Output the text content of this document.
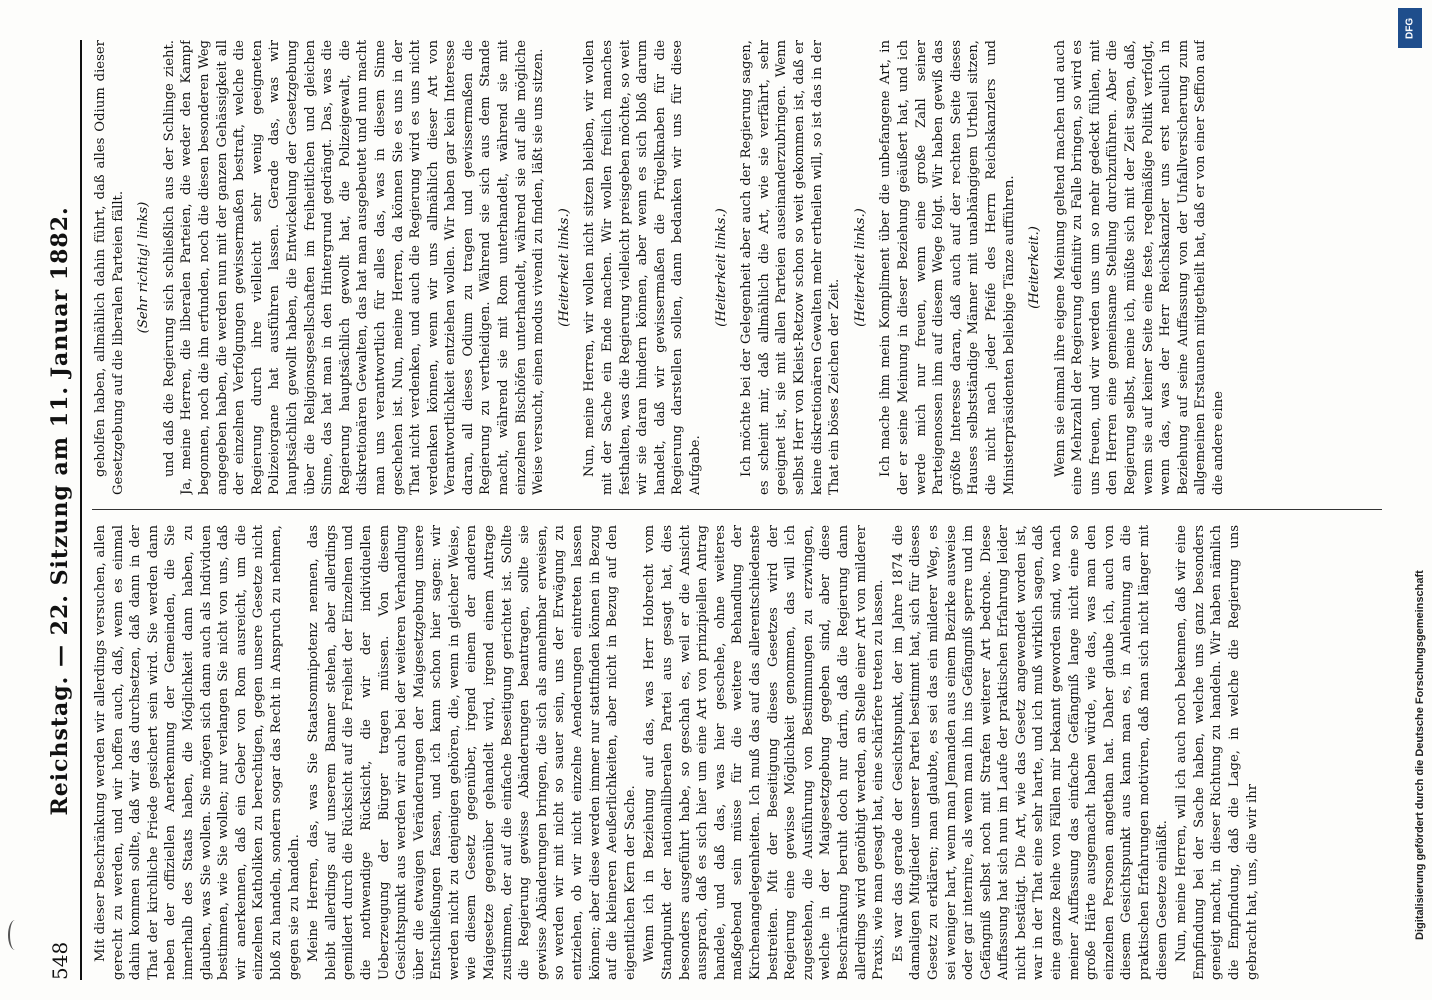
548
Reichstag. — 22. Sitzung am 11. Januar 1882. Mit dieser Beschränkung werden wir allerdings versuchen, allen gerecht zu werden, und wir hoffen auch, daß, wenn es einmal dahin kommen sollte, daß wir das durchsetzen, daß dann in der That der kirchliche Friede gesichert sein wird. Sie werden dann neben der offiziellen Anerkennung der Gemeinden, die Sie innerhalb des Staats haben, die Möglichkeit dann haben, zu glauben, was Sie wollen. Sie mögen sich dann auch als Individuen bestimmen, wie Sie wollen; nur verlangen Sie nicht von uns, daß wir anerkennen, daß ein Geber von Rom ausreicht, um die einzelnen Katholiken zu berechtigen, gegen unsere Gesetze nicht bloß zu handeln, sondern sogar das Recht in Anspruch zu nehmen, gegen sie zu handeln. Meine Herren, das, was Sie Staatsomnipotenz nennen, das bleibt allerdings auf unserem Banner stehen, aber allerdings gemildert durch die Rücksicht auf die Freiheit der Einzelnen und die nothwendige Rücksicht, die wir der individuellen Ueberzeugung der Bürger tragen müssen. Von diesem Gesichtspunkt aus werden wir auch bei der weiteren Verhandlung über die etwaigen Veränderungen der Maigesetzgebung unsere Entschließungen fassen, und ich kann schon hier sagen: wir werden nicht zu denjenigen gehören, die, wenn in gleicher Weise, wie diesem Gesetz gegenüber, irgend einem der anderen Maigesetze gegenüber gehandelt wird, irgend einem Antrage zustimmen, der auf die einfache Beseitigung gerichtet ist. Sollte die Regierung gewisse Abänderungen beantragen, sollte sie gewisse Abänderungen bringen, die sich als annehmbar erweisen, so werden wir mit nicht so sauer sein, uns der Erwägung zu entziehen, ob wir nicht einzelne Aenderungen eintreten lassen können; aber diese werden immer nur stattfinden können in Bezug auf die kleineren Aeußerlichkeiten, aber nicht in Bezug auf den eigentlichen Kern der Sache. Wenn ich in Beziehung auf das, was Herr Hobrecht vom Standpunkt der nationalliberalen Partei aus gesagt hat, dies besonders ausgeführt habe, so geschah es, weil er die Ansicht aussprach, daß es sich hier um eine Art von prinzipiellen Antrag handele, und daß das, was hier geschehe, ohne weiteres maßgebend sein müsse für die weitere Behandlung der Kirchenangelegenheiten. Ich muß das auf das allerentschiedenste bestreiten. Mit der Beseitigung dieses Gesetzes wird der Regierung eine gewisse Möglichkeit genommen, das will ich zugestehen, die Ausführung von Bestimmungen zu erzwingen, welche in der Maigesetzgebung gegeben sind, aber diese Beschränkung beruht doch nur darin, daß die Regierung dann allerdings wird genöthigt werden, an Stelle einer Art von milderer Praxis, wie man gesagt hat, eine schärfere treten zu lassen. Es war das gerade der Gesichtspunkt, der im Jahre 1874 die damaligen Mitglieder unserer Partei bestimmt hat, sich für dieses Gesetz zu erklären; man glaubte, es sei das ein milderer Weg, es sei weniger hart, wenn man Jemanden aus einem Bezirke ausweise oder gar internire, als wenn man ihn ins Gefängniß sperre und im Gefängniß selbst noch mit Strafen weiterer Art bedrohe. Diese Auffassung hat sich nun im Laufe der praktischen Erfahrung leider nicht bestätigt. Die Art, wie das Gesetz angewendet worden ist, war in der That eine sehr harte, und ich muß wirklich sagen, daß eine ganze Reihe von Fällen mir bekannt geworden sind, wo nach meiner Auffassung das einfache Gefängniß lange nicht eine so große Härte ausgemacht haben würde, wie das, was man den einzelnen Personen angethan hat. Daher glaube ich, auch von diesem Gesichtspunkt aus kann man es, in Anlehnung an die praktischen Erfahrungen motiviren, daß man sich nicht länger mit diesem Gesetze einläßt. Nun, meine Herren, will ich auch noch bekennen, daß wir eine Empfindung bei der Sache haben, welche uns ganz besonders geneigt macht, in dieser Richtung zu handeln. Wir haben nämlich die Empfindung, daß die Lage, in welche die Regierung uns gebracht hat, uns, die wir ihr

geholfen haben, allmählich dahin führt, daß alles Odium dieser Gesetzgebung auf die liberalen Parteien fällt. (Sehr richtig! links) und daß die Regierung sich schließlich aus der Schlinge zieht. Ja, meine Herren, die liberalen Parteien, die weder den Kampf begonnen, noch die ihn erfunden, noch die diesen besonderen Weg angegeben haben, die werden nun mit der ganzen Gehässigkeit all der einzelnen Verfolgungen gewissermaßen bestraft, welche die Regierung durch ihre vielleicht sehr wenig geeigneten Polizeiorgane hat ausführen lassen. Gerade das, was wir hauptsächlich gewollt haben, die Entwickelung der Gesetzgebung über die Religionsgesellschaften im freiheitlichen und gleichen Sinne, das hat man in den Hintergrund gedrängt. Das, was die Regierung hauptsächlich gewollt hat, die Polizeigewalt, die diskretionären Gewalten, das hat man ausgebeutet und nun macht man uns verantwortlich für alles das, was in diesem Sinne geschehen ist. Nun, meine Herren, da können Sie es uns in der That nicht verdenken, und auch die Regierung wird es uns nicht verdenken können, wenn wir uns allmählich dieser Art von Verantwortlichkeit entziehen wollen. Wir haben gar kein Interesse daran, all dieses Odium zu tragen und gewissermaßen die Regierung zu vertheidigen. Während sie sich aus dem Stande macht, während sie mit Rom unterhandelt, während sie mit einzelnen Bischöfen unterhandelt, während sie auf alle mögliche Weise versucht, einen modus vivendi zu finden, läßt sie uns sitzen. (Heiterkeit links.) Nun, meine Herren, wir wollen nicht sitzen bleiben, wir wollen mit der Sache ein Ende machen. Wir wollen freilich manches festhalten, was die Regierung vielleicht preisgeben möchte, so weit wir sie daran hindern können, aber wenn es sich bloß darum handelt, daß wir gewissermaßen die Prügelknaben für die Regierung darstellen sollen, dann bedanken wir uns für diese Aufgabe.

(Heiterkeit links.) Ich möchte bei der Gelegenheit aber auch der Regierung sagen, es scheint mir, daß allmählich die Art, wie sie verfährt, sehr geeignet ist, sie mit allen Parteien auseinanderzubringen. Wenn selbst Herr von Kleist-Retzow schon so weit gekommen ist, daß er keine diskretionären Gewalten mehr ertheilen will, so ist das in der That ein böses Zeichen der Zeit.

(Heiterkeit links.) Ich mache ihm mein Kompliment über die unbefangene Art, in der er seine Meinung in dieser Beziehung geäußert hat, und ich werde mich nur freuen, wenn eine große Zahl seiner Parteigenossen ihm auf diesem Wege folgt. Wir haben gewiß das größte Interesse daran, daß auch auf der rechten Seite dieses Hauses selbstständige Männer mit unabhängigem Urtheil sitzen, die nicht nach jeder Pfeife des Herrn Reichskanzlers und Ministerpräsidenten beliebige Tänze aufführen. (Heiterkeit.) Wenn sie einmal ihre eigene Meinung geltend machen und auch eine Mehrzahl der Regierung definitiv zu Falle bringen, so wird es uns freuen, und wir werden uns um so mehr gedeckt fühlen, mit den Herren eine gemeinsame Stellung durchzuführen. Aber die Regierung selbst, meine ich, müßte sich mit der Zeit sagen, daß, wenn sie auf keiner Seite eine feste, regelmäßige Politik verfolgt, wenn das, was der Herr Reichskanzler uns erst neulich in Beziehung auf seine Auffassung von der Unfallversicherung zum allgemeinen Erstaunen mitgetheilt hat, daß er von einer Seffion auf die andere eine

DFG
Digitalisierung gefördert durch die Deutsche Forschungsgemeinschaft
